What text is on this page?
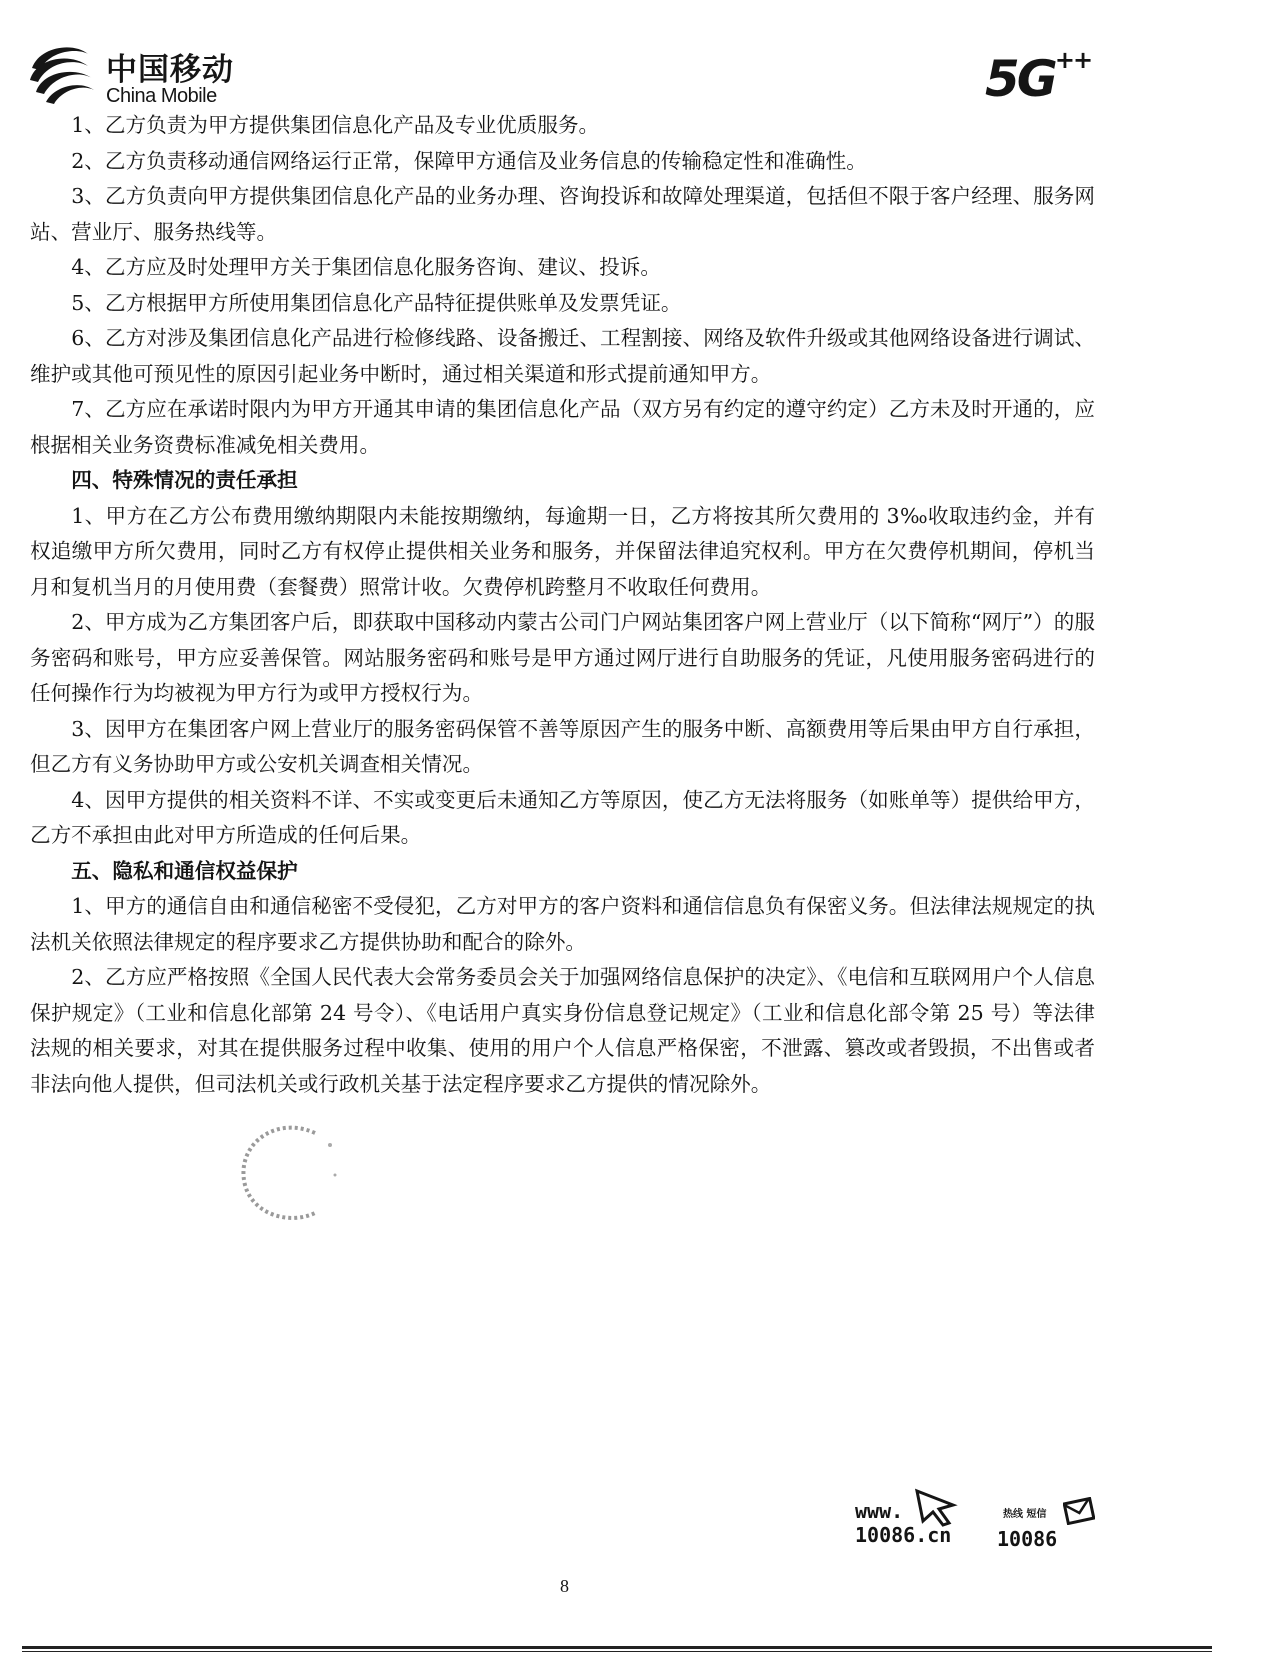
中国移动
China Mobile	5G++

1、乙方负责为甲方提供集团信息化产品及专业优质服务。

2、乙方负责移动通信网络运行正常，保障甲方通信及业务信息的传输稳定性和准确性。

3、乙方负责向甲方提供集团信息化产品的业务办理、咨询投诉和故障处理渠道，包括但不限于客户经理、服务网站、营业厅、服务热线等。

4、乙方应及时处理甲方关于集团信息化服务咨询、建议、投诉。

5、乙方根据甲方所使用集团信息化产品特征提供账单及发票凭证。

6、乙方对涉及集团信息化产品进行检修线路、设备搬迁、工程割接、网络及软件升级或其他网络设备进行调试、维护或其他可预见性的原因引起业务中断时，通过相关渠道和形式提前通知甲方。

7、乙方应在承诺时限内为甲方开通其申请的集团信息化产品（双方另有约定的遵守约定）乙方未及时开通的，应根据相关业务资费标准减免相关费用。

四、特殊情况的责任承担

1、甲方在乙方公布费用缴纳期限内未能按期缴纳，每逾期一日，乙方将按其所欠费用的 3‰收取违约金，并有权追缴甲方所欠费用，同时乙方有权停止提供相关业务和服务，并保留法律追究权利。甲方在欠费停机期间，停机当月和复机当月的月使用费（套餐费）照常计收。欠费停机跨整月不收取任何费用。

2、甲方成为乙方集团客户后，即获取中国移动内蒙古公司门户网站集团客户网上营业厅（以下简称“网厅”）的服务密码和账号，甲方应妥善保管。网站服务密码和账号是甲方通过网厅进行自助服务的凭证，凡使用服务密码进行的任何操作行为均被视为甲方行为或甲方授权行为。

3、因甲方在集团客户网上营业厅的服务密码保管不善等原因产生的服务中断、高额费用等后果由甲方自行承担，但乙方有义务协助甲方或公安机关调查相关情况。

4、因甲方提供的相关资料不详、不实或变更后未通知乙方等原因，使乙方无法将服务（如账单等）提供给甲方，乙方不承担由此对甲方所造成的任何后果。

五、隐私和通信权益保护

1、甲方的通信自由和通信秘密不受侵犯，乙方对甲方的客户资料和通信信息负有保密义务。但法律法规规定的执法机关依照法律规定的程序要求乙方提供协助和配合的除外。

2、乙方应严格按照《全国人民代表大会常务委员会关于加强网络信息保护的决定》、《电信和互联网用户个人信息保护规定》（工业和信息化部第 24 号令）、《电话用户真实身份信息登记规定》（工业和信息化部令第 25 号）等法律法规的相关要求，对其在提供服务过程中收集、使用的用户个人信息严格保密，不泄露、篡改或者毁损，不出售或者非法向他人提供，但司法机关或行政机关基于法定程序要求乙方提供的情况除外。

www.
10086.cn
热线 短信
10086
8
